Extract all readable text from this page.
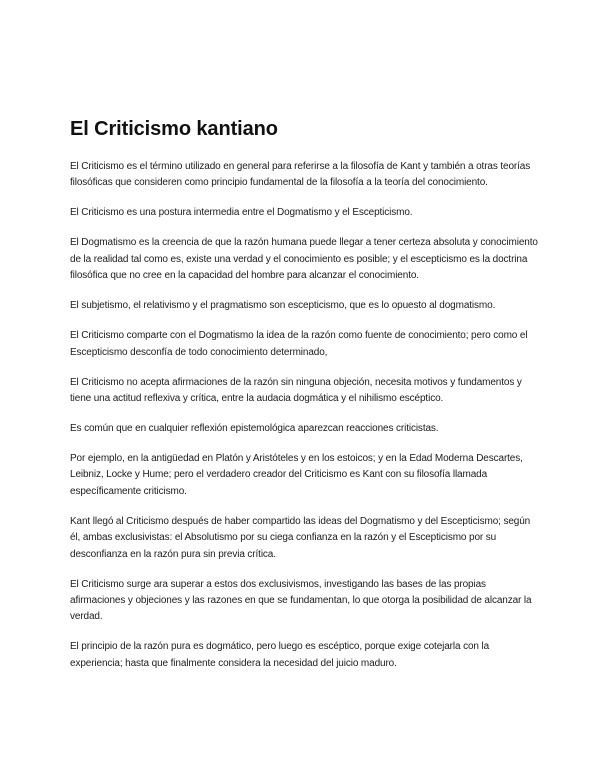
El Criticismo kantiano

El Criticismo es el término utilizado en general para referirse a la filosofía de Kant y también a otras teorías filosóficas que consideren como principio fundamental de la filosofía a la teoría del conocimiento.

El Criticismo es una postura intermedia entre el Dogmatismo y el Escepticismo.

El Dogmatismo es la creencia de que la razón humana puede llegar a tener certeza absoluta y conocimiento de la realidad tal como es, existe una verdad y el conocimiento es posible; y el escepticismo es la doctrina filosófica que no cree en la capacidad del hombre para alcanzar el conocimiento.

El subjetismo, el relativismo y el pragmatismo son escepticismo, que es lo opuesto al dogmatismo.

El Criticismo comparte con el Dogmatismo la idea de la razón como fuente de conocimiento; pero como el Escepticismo desconfía de todo conocimiento determinado,

El Criticismo no acepta afirmaciones de la razón sin ninguna objeción, necesita motivos y fundamentos y tiene una actitud reflexiva y crítica, entre la audacia dogmática y el nihilismo escéptico.

Es común que en cualquier reflexión epistemológica aparezcan reacciones criticistas.

Por ejemplo, en la antigüedad en Platón y Aristóteles y en los estoicos; y en la Edad Moderna Descartes, Leibniz, Locke y Hume; pero el verdadero creador del Criticismo es Kant con su filosofía llamada específicamente criticismo.

Kant llegó al Criticismo después de haber compartido las ideas del Dogmatismo y del Escepticismo; según él, ambas exclusivistas: el Absolutismo por su ciega confianza en la razón y el Escepticismo por su desconfianza en la razón pura sin previa crítica.

El Criticismo surge ara superar a estos dos exclusivismos, investigando las bases de las propias afirmaciones y objeciones y las razones en que se fundamentan, lo que otorga la posibilidad de alcanzar la verdad.

El principio de la razón pura es dogmático, pero luego es escéptico, porque exige cotejarla con la experiencia; hasta que finalmente considera la necesidad del juicio maduro.
